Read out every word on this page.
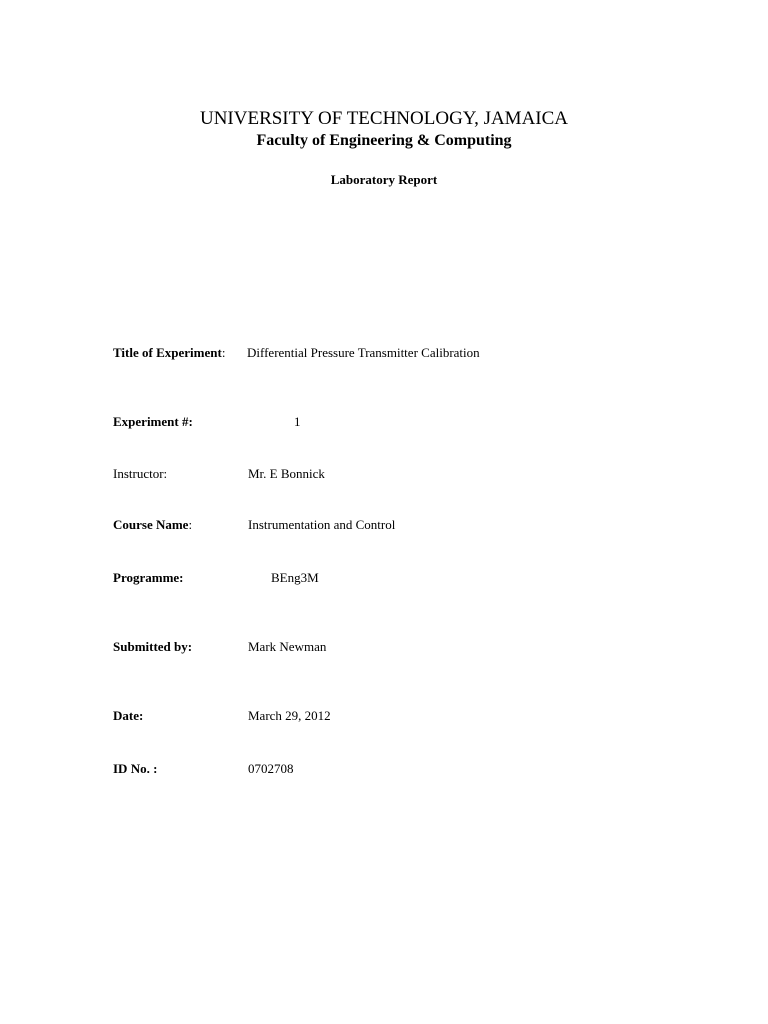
UNIVERSITY OF TECHNOLOGY, JAMAICA
Faculty of Engineering & Computing
Laboratory Report
Title of Experiment: Differential Pressure Transmitter Calibration
Experiment #:	1
Instructor:	Mr. E Bonnick
Course Name:	Instrumentation and Control
Programme:	BEng3M
Submitted by:	Mark Newman
Date:	March 29, 2012
ID No. :	0702708
